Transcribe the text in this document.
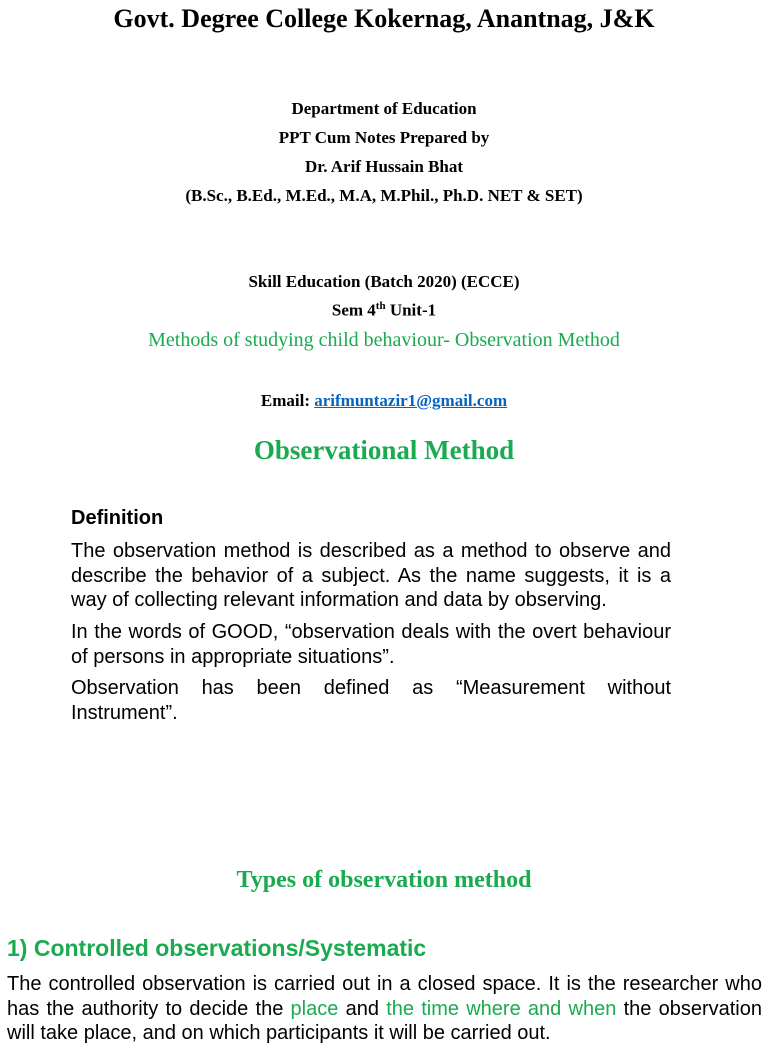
Govt. Degree College Kokernag, Anantnag, J&K
Department of Education
PPT Cum Notes Prepared by
Dr. Arif Hussain Bhat
(B.Sc., B.Ed., M.Ed., M.A, M.Phil., Ph.D. NET & SET)
Skill Education (Batch 2020) (ECCE)
Sem 4th Unit-1
Methods of studying child behaviour- Observation Method
Email: arifmuntazir1@gmail.com
Observational Method
Definition
The observation method is described as a method to observe and describe the behavior of a subject. As the name suggests, it is a way of collecting relevant information and data by observing.
In the words of GOOD, “observation deals with the overt behaviour of persons in appropriate situations”.
Observation has been defined as “Measurement without Instrument”.
Types of observation method
1) Controlled observations/Systematic
The controlled observation is carried out in a closed space. It is the researcher who has the authority to decide the place and the time where and when the observation will take place, and on which participants it will be carried out.
